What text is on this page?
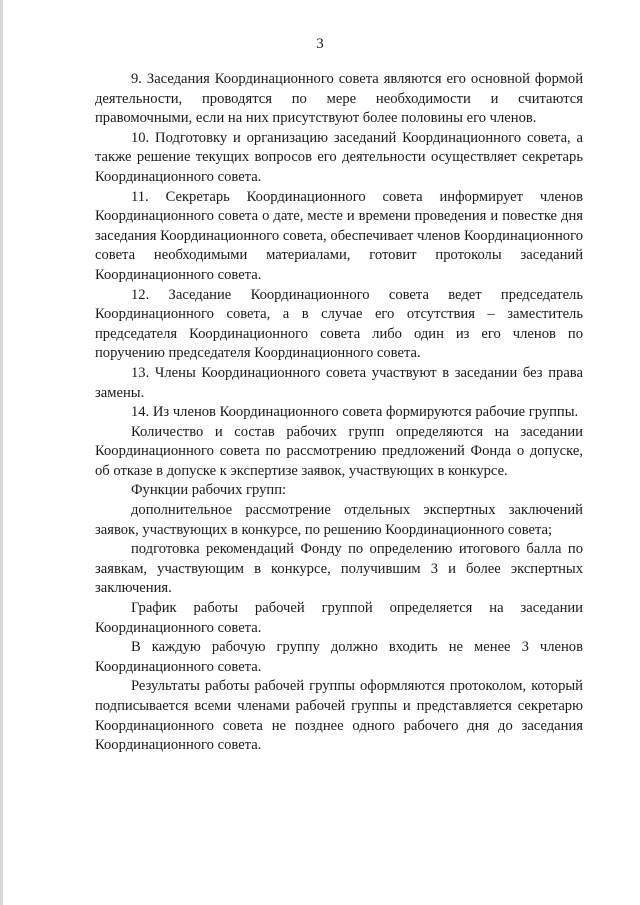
3

9. Заседания Координационного совета являются его основной формой деятельности, проводятся по мере необходимости и считаются правомочными, если на них присутствуют более половины его членов.

10. Подготовку и организацию заседаний Координационного совета, а также решение текущих вопросов его деятельности осуществляет секретарь Координационного совета.

11. Секретарь Координационного совета информирует членов Координационного совета о дате, месте и времени проведения и повестке дня заседания Координационного совета, обеспечивает членов Координационного совета необходимыми материалами, готовит протоколы заседаний Координационного совета.

12. Заседание Координационного совета ведет председатель Координационного совета, а в случае его отсутствия – заместитель председателя Координационного совета либо один из его членов по поручению председателя Координационного совета.

13. Члены Координационного совета участвуют в заседании без права замены.

14. Из членов Координационного совета формируются рабочие группы.

Количество и состав рабочих групп определяются на заседании Координационного совета по рассмотрению предложений Фонда о допуске, об отказе в допуске к экспертизе заявок, участвующих в конкурсе.

Функции рабочих групп:

дополнительное рассмотрение отдельных экспертных заключений заявок, участвующих в конкурсе, по решению Координационного совета;

подготовка рекомендаций Фонду по определению итогового балла по заявкам, участвующим в конкурсе, получившим 3 и более экспертных заключения.

График работы рабочей группой определяется на заседании Координационного совета.

В каждую рабочую группу должно входить не менее 3 членов Координационного совета.

Результаты работы рабочей группы оформляются протоколом, который подписывается всеми членами рабочей группы и представляется секретарю Координационного совета не позднее одного рабочего дня до заседания Координационного совета.
